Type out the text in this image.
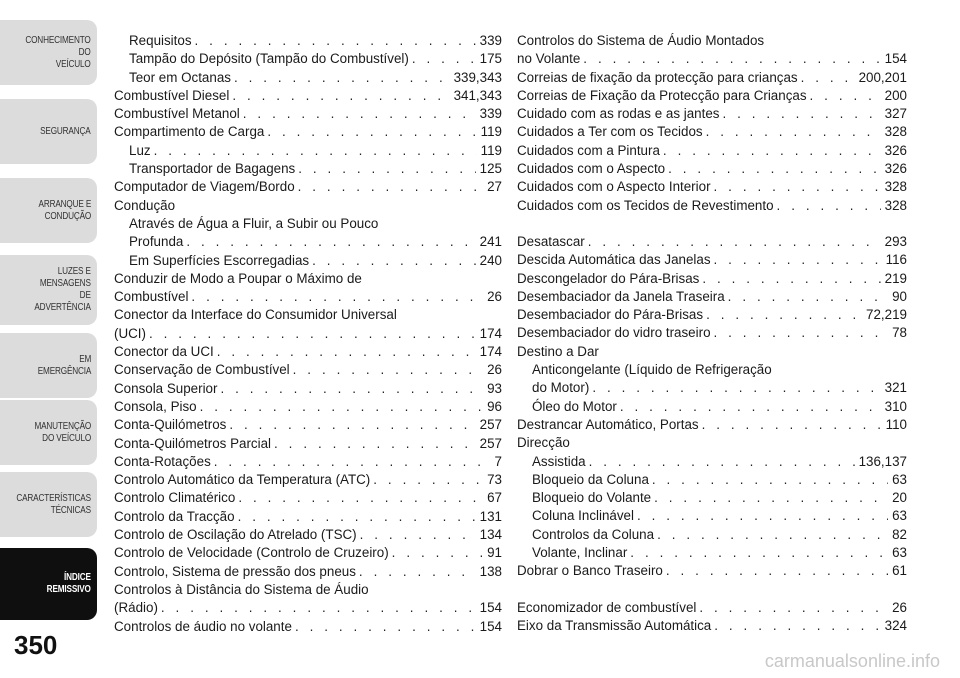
CONHECIMENTO
DO
VEÍCULO
SEGURANÇA
ARRANQUE E
CONDUÇÃO
LUZES E
MENSAGENS
DE
ADVERTÊNCIA
EM
EMERGÊNCIA
MANUTENÇÃO
DO VEÍCULO
CARACTERÍSTICAS
TÉCNICAS
ÍNDICE
REMISSIVO
350
Requisitos . . .	339
Tampão do Depósito (Tampão do Combustível) . . .	175
Teor em Octanas . . .	339,343
Combustível Diesel . . .	341,343
Combustível Metanol . . .	339
Compartimento de Carga . . .	119
Luz . . .	119
Transportador de Bagagens . . .	125
Computador de Viagem/Bordo . . .	27
Condução
Através de Água a Fluir, a Subir ou Pouco
Profunda . . .	241
Em Superfícies Escorregadias . . .	240
Conduzir de Modo a Poupar o Máximo de
Combustível . . .	26
Conector da Interface do Consumidor Universal
(UCI) . . .	174
Conector da UCI . . .	174
Conservação de Combustível . . .	26
Consola Superior . . .	93
Consola, Piso . . .	96
Conta-Quilómetros . . .	257
Conta-Quilómetros Parcial . . .	257
Conta-Rotações . . .	7
Controlo Automático da Temperatura (ATC) . . .	73
Controlo Climatérico . . .	67
Controlo da Tracção . . .	131
Controlo de Oscilação do Atrelado (TSC) . . .	134
Controlo de Velocidade (Controlo de Cruzeiro) . . .	91
Controlo, Sistema de pressão dos pneus . . .	138
Controlos à Distância do Sistema de Áudio
(Rádio) . . .	154
Controlos de áudio no volante . . .	154
Controlos do Sistema de Áudio Montados
no Volante . . .	154
Correias de fixação da protecção para crianças . . .	200,201
Correias de Fixação da Protecção para Crianças . . .	200
Cuidado com as rodas e as jantes . . .	327
Cuidados a Ter com os Tecidos . . .	328
Cuidados com a Pintura . . .	326
Cuidados com o Aspecto . . .	326
Cuidados com o Aspecto Interior . . .	328
Cuidados com os Tecidos de Revestimento . . .	328
Desatascar . . .	293
Descida Automática das Janelas . . .	116
Descongelador do Pára-Brisas . . .	219
Desembaciador da Janela Traseira . . .	90
Desembaciador do Pára-Brisas . . .	72,219
Desembaciador do vidro traseiro . . .	78
Destino a Dar
Anticongelante (Líquido de Refrigeração
do Motor) . . .	321
Óleo do Motor . . .	310
Destrancar Automático, Portas . . .	110
Direcção
Assistida . . .	136,137
Bloqueio da Coluna . . .	63
Bloqueio do Volante . . .	20
Coluna Inclinável . . .	63
Controlos da Coluna . . .	82
Volante, Inclinar . . .	63
Dobrar o Banco Traseiro . . .	61
Economizador de combustível . . .	26
Eixo da Transmissão Automática . . .	324
carmanualsonline.info
